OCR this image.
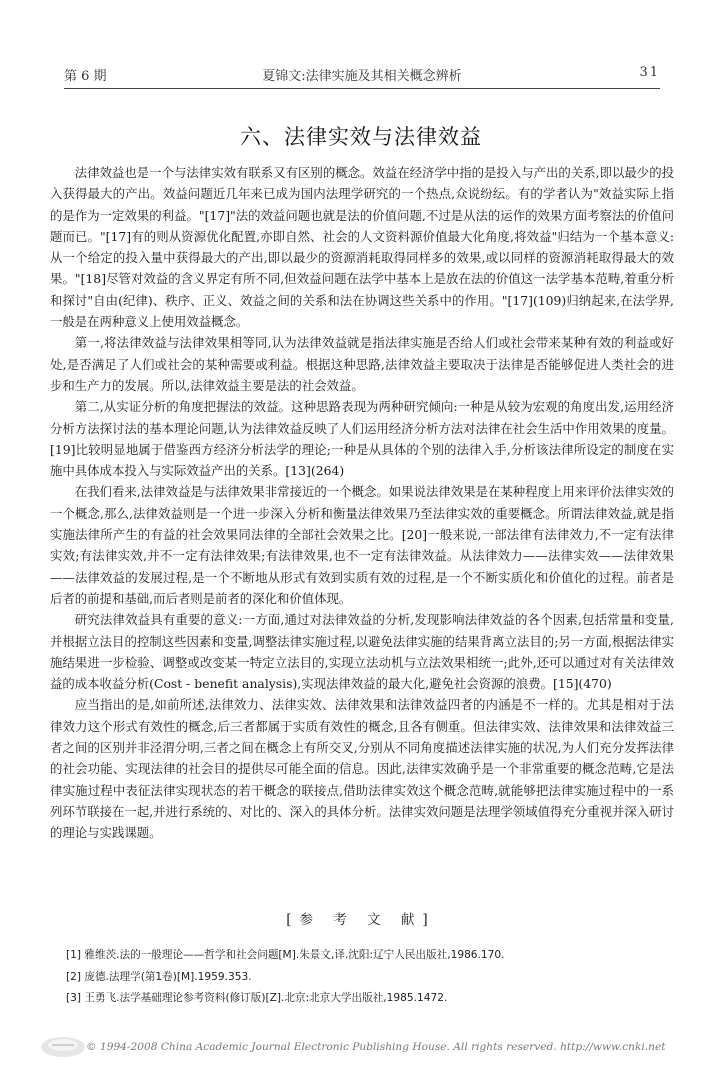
第 6 期	夏锦文:法律实施及其相关概念辨析	31
六、法律实效与法律效益

法律效益也是一个与法律实效有联系又有区别的概念。效益在经济学中指的是投入与产出的关系,即以最少的投入获得最大的产出。效益问题近几年来已成为国内法理学研究的一个热点,众说纷纭。有的学者认为"效益实际上指的是作为一定效果的利益。"[17]"法的效益问题也就是法的价值问题,不过是从法的运作的效果方面考察法的价值问题而已。"[17]有的则从资源优化配置,亦即自然、社会的人文资料源价值最大化角度,将效益"归结为一个基本意义:从一个给定的投入量中获得最大的产出,即以最少的资源消耗取得同样多的效果,或以同样的资源消耗取得最大的效果。"[18]尽管对效益的含义界定有所不同,但效益问题在法学中基本上是放在法的价值这一法学基本范畴,着重分析和探讨"自由(纪律)、秩序、正义、效益之间的关系和法在协调这些关系中的作用。"[17](109)归纳起来,在法学界,一般是在两种意义上使用效益概念。

第一,将法律效益与法律效果相等同,认为法律效益就是指法律实施是否给人们或社会带来某种有效的利益或好处,是否满足了人们或社会的某种需要或利益。根据这种思路,法律效益主要取决于法律是否能够促进人类社会的进步和生产力的发展。所以,法律效益主要是法的社会效益。

第二,从实证分析的角度把握法的效益。这种思路表现为两种研究倾向:一种是从较为宏观的角度出发,运用经济分析方法探讨法的基本理论问题,认为法律效益反映了人们运用经济分析方法对法律在社会生活中作用效果的度量。[19]比较明显地属于借鉴西方经济分析法学的理论;一种是从具体的个别的法律入手,分析该法律所设定的制度在实施中具体成本投入与实际效益产出的关系。[13](264)

在我们看来,法律效益是与法律效果非常接近的一个概念。如果说法律效果是在某种程度上用来评价法律实效的一个概念,那么,法律效益则是一个进一步深入分析和衡量法律效果乃至法律实效的重要概念。所谓法律效益,就是指实施法律所产生的有益的社会效果同法律的全部社会效果之比。[20]一般来说,一部法律有法律效力,不一定有法律实效;有法律实效,并不一定有法律效果;有法律效果,也不一定有法律效益。从法律效力——法律实效——法律效果——法律效益的发展过程,是一个不断地从形式有效到实质有效的过程,是一个不断实质化和价值化的过程。前者是后者的前提和基础,而后者则是前者的深化和价值体现。

研究法律效益具有重要的意义:一方面,通过对法律效益的分析,发现影响法律效益的各个因素,包括常量和变量,并根据立法目的控制这些因素和变量,调整法律实施过程,以避免法律实施的结果背离立法目的;另一方面,根据法律实施结果进一步检验、调整或改变某一特定立法目的,实现立法动机与立法效果相统一;此外,还可以通过对有关法律效益的成本收益分析(Cost - benefit analysis),实现法律效益的最大化,避免社会资源的浪费。[15](470)

应当指出的是,如前所述,法律效力、法律实效、法律效果和法律效益四者的内涵是不一样的。尤其是相对于法律效力这个形式有效性的概念,后三者都属于实质有效性的概念,且各有侧重。但法律实效、法律效果和法律效益三者之间的区别并非泾渭分明,三者之间在概念上有所交叉,分别从不同角度描述法律实施的状况,为人们充分发挥法律的社会功能、实现法律的社会目的提供尽可能全面的信息。因此,法律实效确乎是一个非常重要的概念范畴,它是法律实施过程中表征法律实现状态的若干概念的联接点,借助法律实效这个概念范畴,就能够把法律实施过程中的一系列环节联接在一起,并进行系统的、对比的、深入的具体分析。法律实效问题是法理学领域值得充分重视并深入研讨的理论与实践课题。

[参 考 文 献]
[1] 雅维茨.法的一般理论——哲学和社会问题[M].朱景文,译.沈阳:辽宁人民出版社,1986.170.
[2] 庞德.法理学(第1卷)[M].1959.353.
[3] 王勇飞.法学基础理论参考资料(修订版)[Z].北京:北京大学出版社,1985.1472.
© 1994-2008 China Academic Journal Electronic Publishing House. All rights reserved. http://www.cnki.net
